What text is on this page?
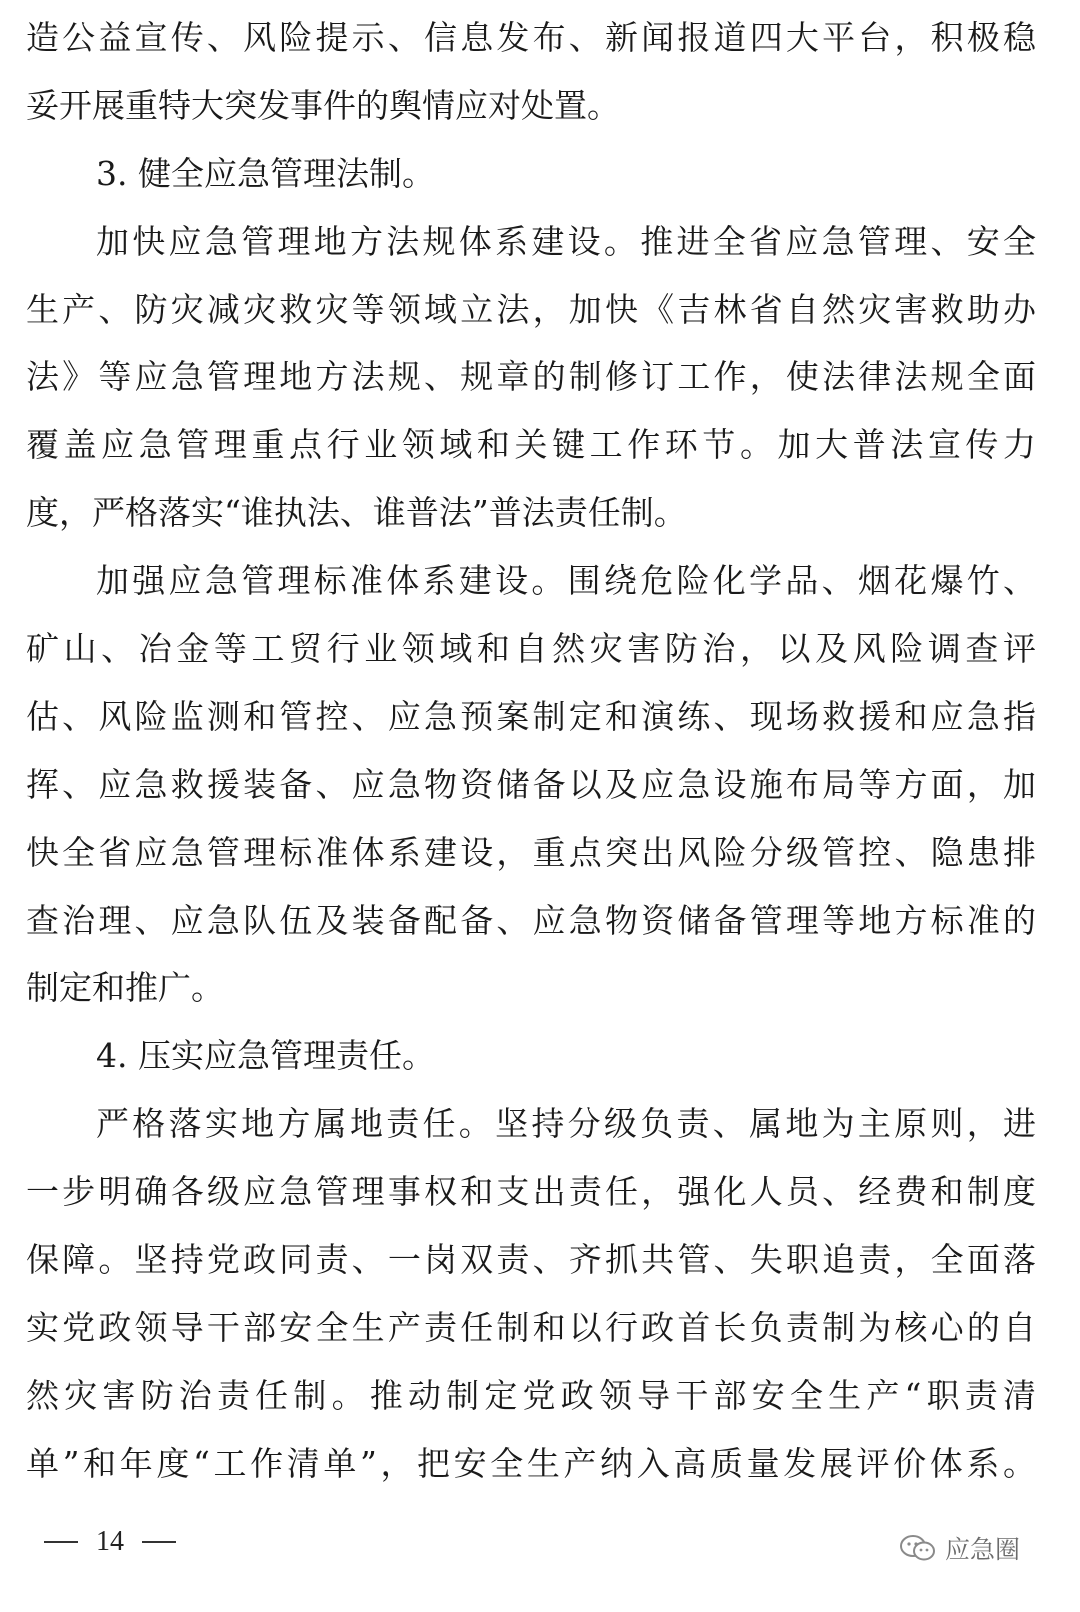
造公益宣传、风险提示、信息发布、新闻报道四大平台，积极稳
妥开展重特大突发事件的舆情应对处置。
3. 健全应急管理法制。
加快应急管理地方法规体系建设。推进全省应急管理、安全
生产、防灾减灾救灾等领域立法，加快《吉林省自然灾害救助办
法》等应急管理地方法规、规章的制修订工作，使法律法规全面
覆盖应急管理重点行业领域和关键工作环节。加大普法宣传力
度，严格落实“谁执法、谁普法”普法责任制。
加强应急管理标准体系建设。围绕危险化学品、烟花爆竹、
矿山、冶金等工贸行业领域和自然灾害防治，以及风险调查评
估、风险监测和管控、应急预案制定和演练、现场救援和应急指
挥、应急救援装备、应急物资储备以及应急设施布局等方面，加
快全省应急管理标准体系建设，重点突出风险分级管控、隐患排
查治理、应急队伍及装备配备、应急物资储备管理等地方标准的
制定和推广。
4. 压实应急管理责任。
严格落实地方属地责任。坚持分级负责、属地为主原则，进
一步明确各级应急管理事权和支出责任，强化人员、经费和制度
保障。坚持党政同责、一岗双责、齐抓共管、失职追责，全面落
实党政领导干部安全生产责任制和以行政首长负责制为核心的自
然灾害防治责任制。推动制定党政领导干部安全生产“职责清
单”和年度“工作清单”，把安全生产纳入高质量发展评价体系。
14	应急圈
